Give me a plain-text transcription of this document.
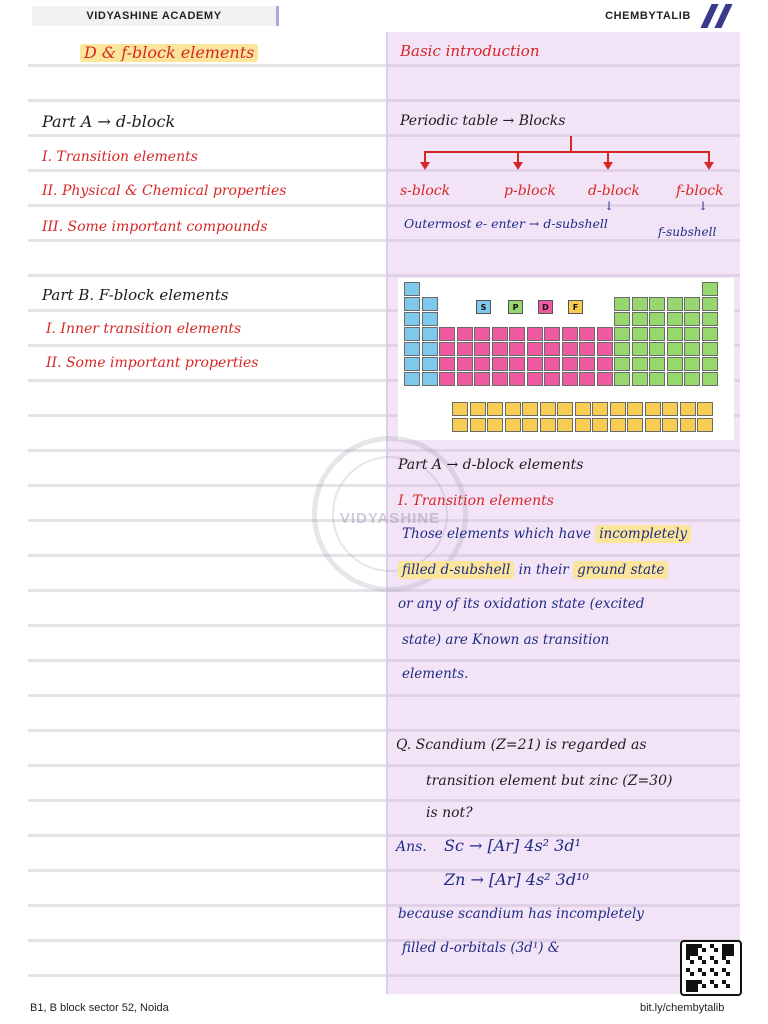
VIDYASHINE ACADEMY	CHEMBYTALIB
D & f-block elements
Part A → d-block
I. Transition elements
II. Physical & Chemical properties
III. Some important compounds
Part B. F-block elements
I. Inner transition elements
II. Some important properties
Basic introduction
Periodic table → Blocks
s-block	p-block d-block	f-block
↓	↓
Outermost e- enter → d-subshell
f-subshell
S	P	D	F
VIDYASHINE
Part A → d-block elements
I. Transition elements
Those elements which have incompletely
filled d-subshell in their ground state
or any of its oxidation state (excited
state) are Known as transition
elements.
Q. Scandium (Z=21) is regarded as
transition element but zinc (Z=30)
is not?
Ans. Sc → [Ar] 4s² 3d¹
Zn → [Ar] 4s² 3d¹⁰
because scandium has incompletely
filled d-orbitals (3d¹) &
B1, B block sector 52, Noida	bit.ly/chembytalib
